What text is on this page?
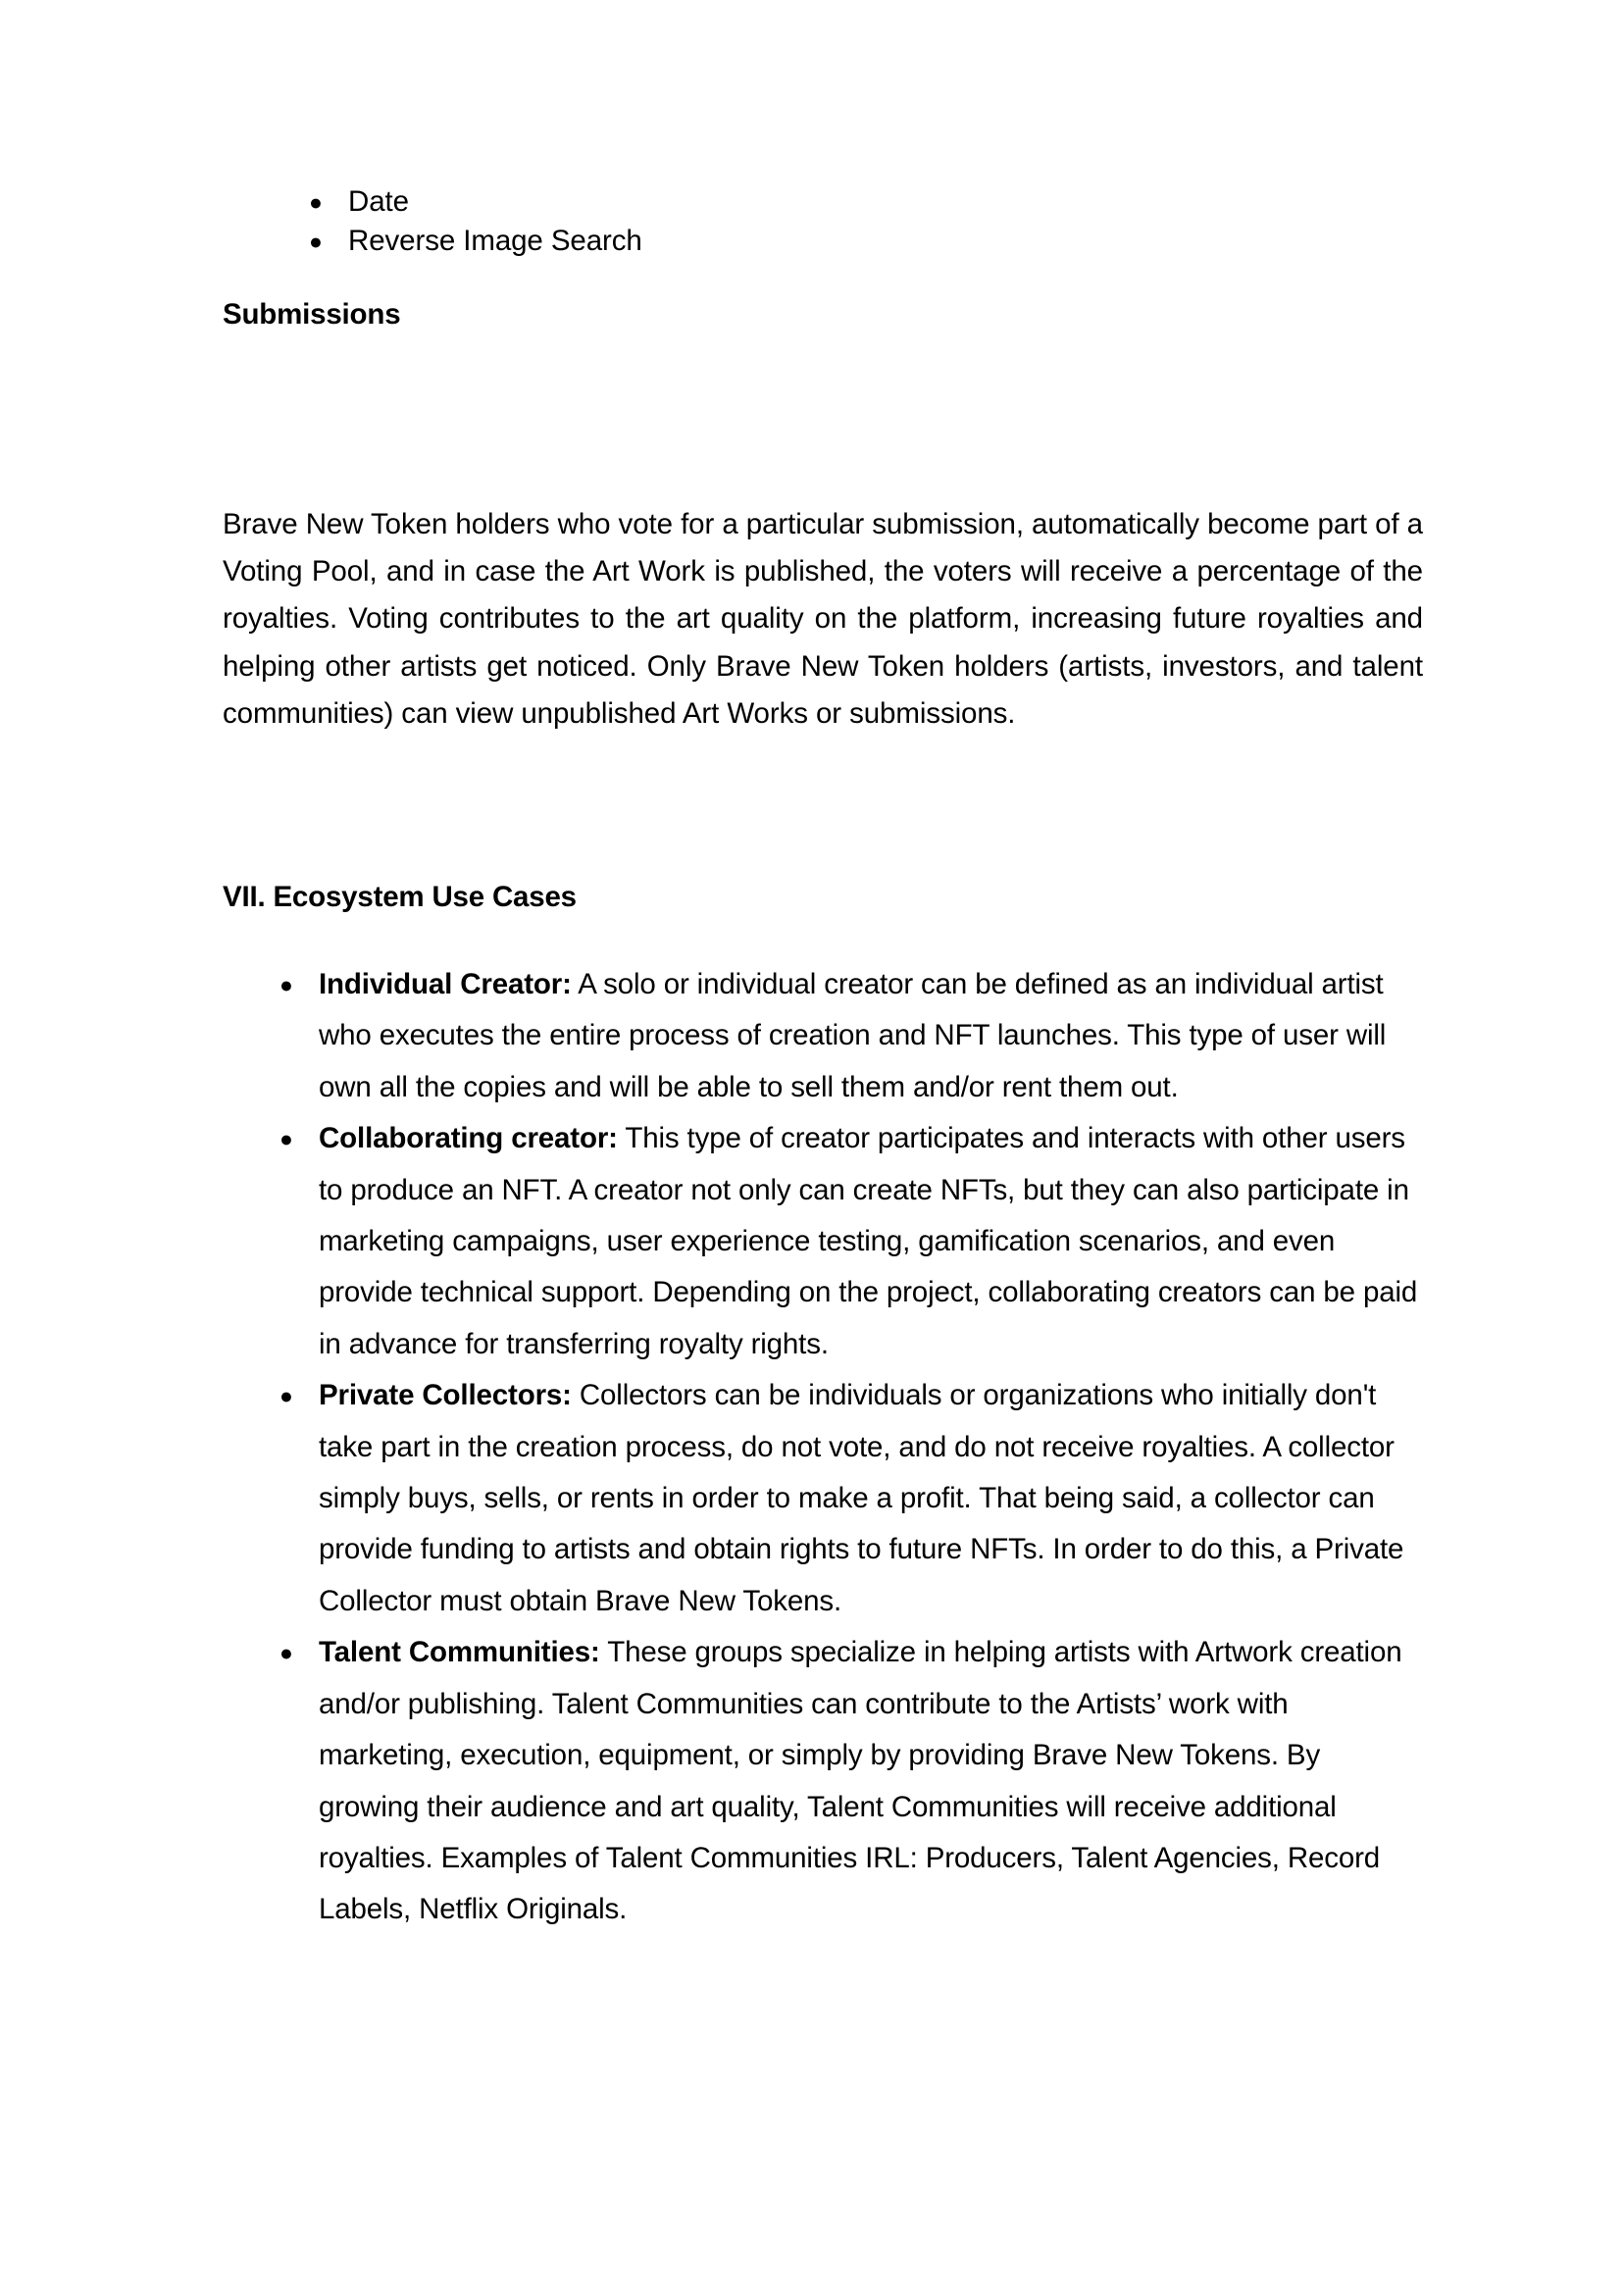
● Date
● Reverse Image Search
Submissions

Brave New Token holders who vote for a particular submission, automatically become part of a Voting Pool, and in case the Art Work is published, the voters will receive a percentage of the royalties. Voting contributes to the art quality on the platform, increasing future royalties and helping other artists get noticed. Only Brave New Token holders (artists, investors, and talent communities) can view unpublished Art Works or submissions.

VII. Ecosystem Use Cases
● Individual Creator: A solo or individual creator can be defined as an individual artist who executes the entire process of creation and NFT launches. This type of user will own all the copies and will be able to sell them and/or rent them out.
● Collaborating creator: This type of creator participates and interacts with other users to produce an NFT. A creator not only can create NFTs, but they can also participate in marketing campaigns, user experience testing, gamification scenarios, and even provide technical support. Depending on the project, collaborating creators can be paid in advance for transferring royalty rights.
● Private Collectors: Collectors can be individuals or organizations who initially don't take part in the creation process, do not vote, and do not receive royalties. A collector simply buys, sells, or rents in order to make a profit. That being said, a collector can provide funding to artists and obtain rights to future NFTs. In order to do this, a Private Collector must obtain Brave New Tokens.
● Talent Communities: These groups specialize in helping artists with Artwork creation and/or publishing. Talent Communities can contribute to the Artists’ work with marketing, execution, equipment, or simply by providing Brave New Tokens. By growing their audience and art quality, Talent Communities will receive additional royalties. Examples of Talent Communities IRL: Producers, Talent Agencies, Record Labels, Netflix Originals.
